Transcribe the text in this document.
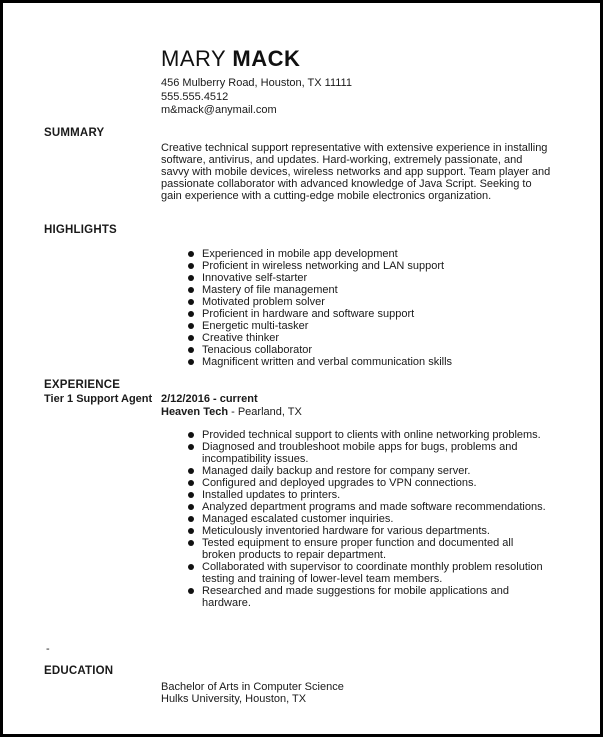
MARY MACK
456 Mulberry Road, Houston, TX 11111
555.555.4512
m&mack@anymail.com
SUMMARY
Creative technical support representative with extensive experience in installing software, antivirus, and updates. Hard-working, extremely passionate, and savvy with mobile devices, wireless networks and app support. Team player and passionate collaborator with advanced knowledge of Java Script. Seeking to gain experience with a cutting-edge mobile electronics organization.
HIGHLIGHTS
Experienced in mobile app development
Proficient in wireless networking and LAN support
Innovative self-starter
Mastery of file management
Motivated problem solver
Proficient in hardware and software support
Energetic multi-tasker
Creative thinker
Tenacious collaborator
Magnificent written and verbal communication skills
EXPERIENCE
Tier 1 Support Agent 2/12/2016 - current
Heaven Tech - Pearland, TX
Provided technical support to clients with online networking problems.
Diagnosed and troubleshoot mobile apps for bugs, problems and incompatibility issues.
Managed daily backup and restore for company server.
Configured and deployed upgrades to VPN connections.
Installed updates to printers.
Analyzed department programs and made software recommendations.
Managed escalated customer inquiries.
Meticulously inventoried hardware for various departments.
Tested equipment to ensure proper function and documented all broken products to repair department.
Collaborated with supervisor to coordinate monthly problem resolution testing and training of lower-level team members.
Researched and made suggestions for mobile applications and hardware.
-
EDUCATION
Bachelor of Arts in Computer Science
Hulks University, Houston, TX
